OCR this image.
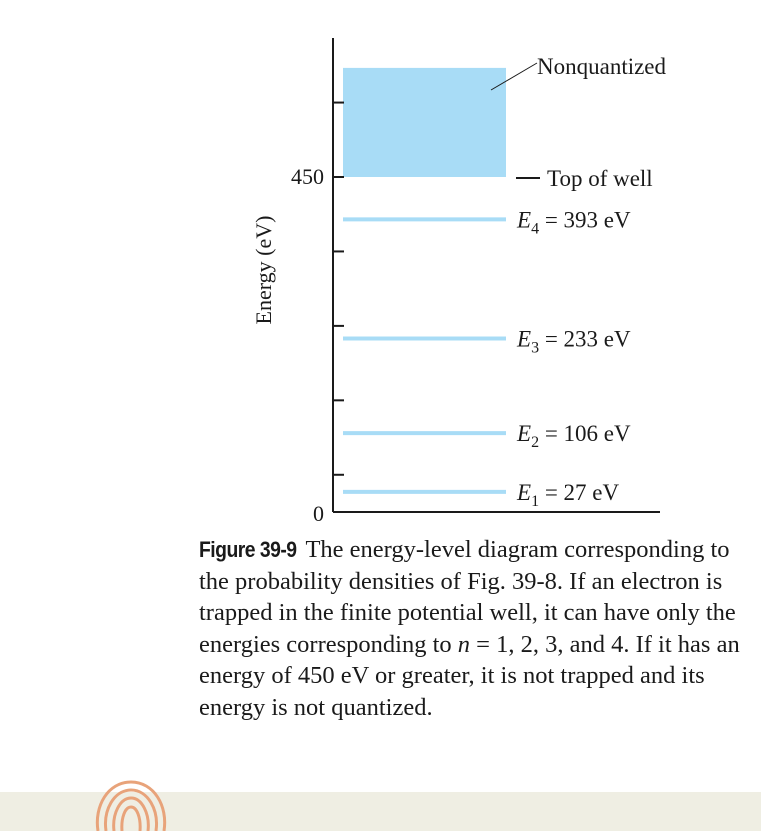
$E_1 = 27$ eV
$E_2 = 106$ eV
$E_3 = 233$ eV
$E_4 = 393$ eV
450
0
Energy (eV)
Nonquantized
Top of well

Figure 39-9 The energy-level diagram corresponding to the probability densities of Fig. 39-8. If an electron is trapped in the finite potential well, it can have only the energies corresponding to n = 1, 2, 3, and 4. If it has an energy of 450 eV or greater, it is not trapped and its energy is not quantized.
